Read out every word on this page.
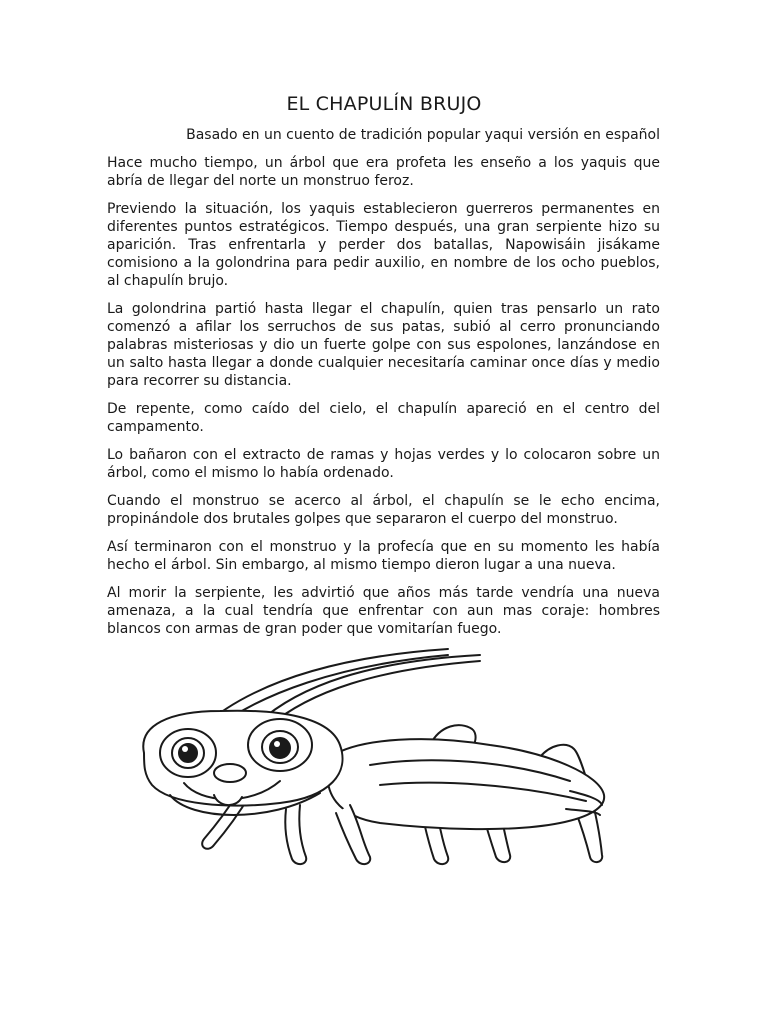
EL CHAPULÍN BRUJO
Basado en un cuento de tradición popular yaqui versión en español

Hace mucho tiempo, un árbol que era profeta les enseño a los yaquis que abría de llegar del norte un monstruo feroz.

Previendo la situación, los yaquis establecieron guerreros permanentes en diferentes puntos estratégicos. Tiempo después, una gran serpiente hizo su aparición. Tras enfrentarla y perder dos batallas, Napowisáin jisákame comisiono a la golondrina para pedir auxilio, en nombre de los ocho pueblos, al chapulín brujo.

La golondrina partió hasta llegar el chapulín, quien tras pensarlo un rato comenzó a afilar los serruchos de sus patas, subió al cerro pronunciando palabras misteriosas y dio un fuerte golpe con sus espolones, lanzándose en un salto hasta llegar a donde cualquier necesitaría caminar once días y medio para recorrer su distancia.

De repente, como caído del cielo, el chapulín apareció en el centro del campamento.

Lo bañaron con el extracto de ramas y hojas verdes y lo colocaron sobre un árbol, como el mismo lo había ordenado.

Cuando el monstruo se acerco al árbol, el chapulín se le echo encima, propinándole dos brutales golpes que separaron el cuerpo del monstruo.

Así terminaron con el monstruo y la profecía que en su momento les había hecho el árbol. Sin embargo, al mismo tiempo dieron lugar a una nueva.

Al morir la serpiente, les advirtió que años más tarde vendría una nueva amenaza, a la cual tendría que enfrentar con aun mas coraje: hombres blancos con armas de gran poder que vomitarían fuego.
